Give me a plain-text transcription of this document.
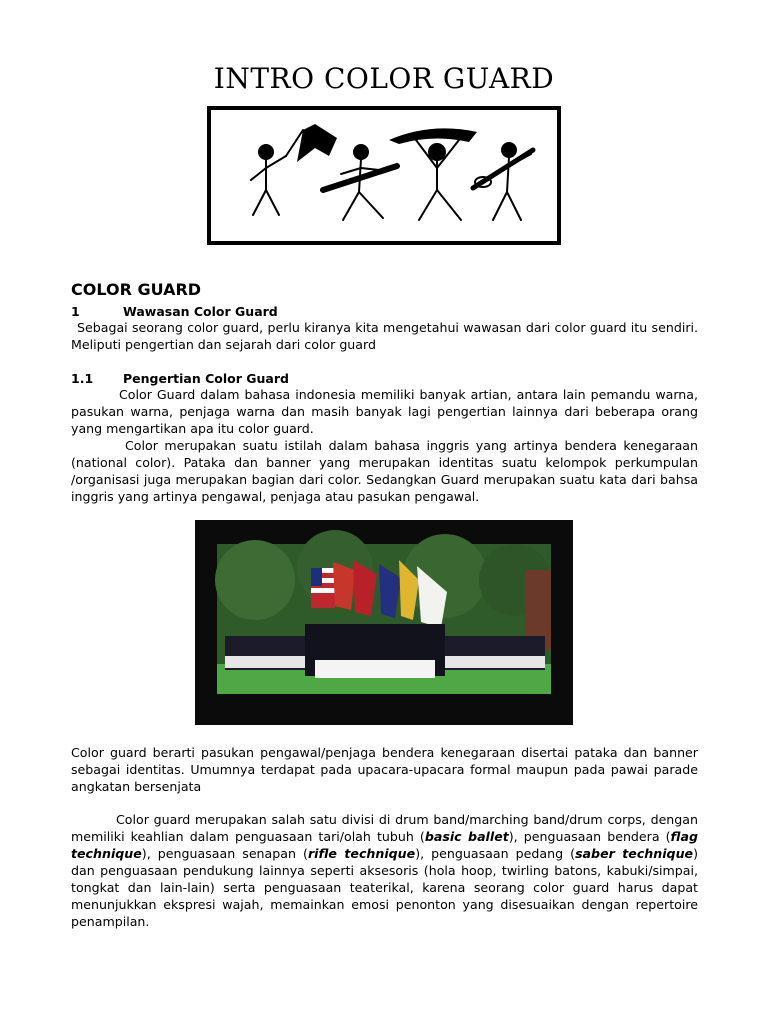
INTRO COLOR GUARD
COLOR GUARD
1	Wawasan Color Guard

Sebagai seorang color guard, perlu kiranya kita mengetahui wawasan dari color guard itu sendiri. Meliputi pengertian dan sejarah dari color guard

1.1 Pengertian Color Guard

Color Guard dalam bahasa indonesia memiliki banyak artian, antara lain pemandu warna, pasukan warna, penjaga warna dan masih banyak lagi pengertian lainnya dari beberapa orang yang mengartikan apa itu color guard.

Color merupakan suatu istilah dalam bahasa inggris yang artinya bendera kenegaraan (national color). Pataka dan banner yang merupakan identitas suatu kelompok perkumpulan /organisasi juga merupakan bagian dari color. Sedangkan Guard merupakan suatu kata dari bahsa inggris yang artinya pengawal, penjaga atau pasukan pengawal.

Color guard berarti pasukan pengawal/penjaga bendera kenegaraan disertai pataka dan banner sebagai identitas. Umumnya terdapat pada upacara-upacara formal maupun pada pawai parade angkatan bersenjata

Color guard merupakan salah satu divisi di drum band/marching band/drum corps, dengan memiliki keahlian dalam penguasaan tari/olah tubuh (basic ballet), penguasaan bendera (flag technique), penguasaan senapan (rifle technique), penguasaan pedang (saber technique) dan penguasaan pendukung lainnya seperti aksesoris (hola hoop, twirling batons, kabuki/simpai, tongkat dan lain-lain) serta penguasaan teaterikal, karena seorang color guard harus dapat menunjukkan ekspresi wajah, memainkan emosi penonton yang disesuaikan dengan repertoire penampilan.
